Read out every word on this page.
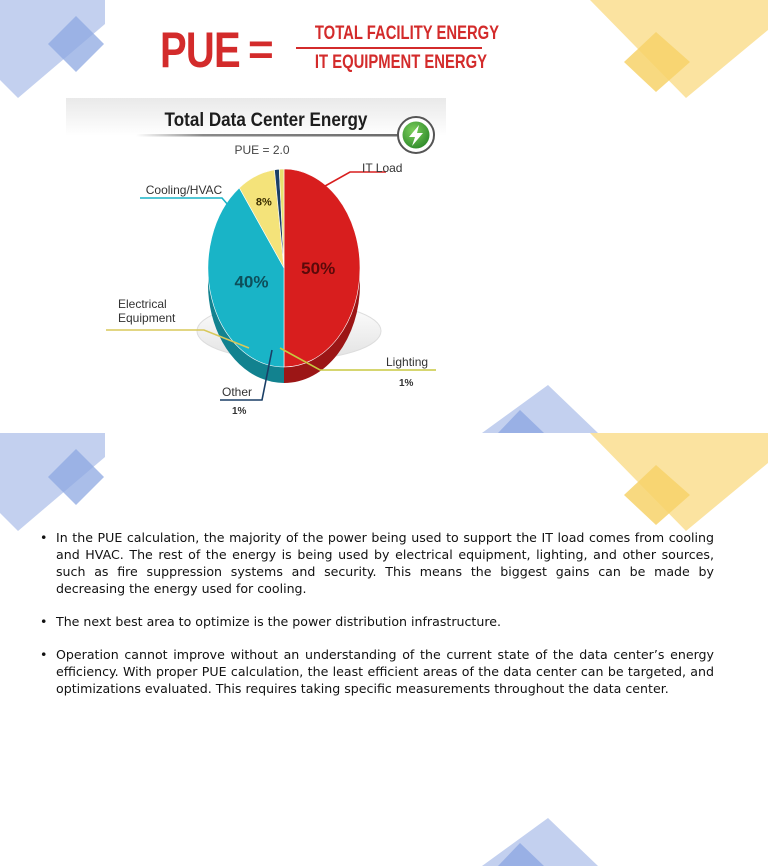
PUE = TOTAL FACILITY ENERGY
IT EQUIPMENT ENERGY
Total Data Center Energy
PUE = 2.0
50%
40%
8%
IT Load
Cooling/HVAC
Electrical Equipment
Other
1%
Lighting
1%
• In the PUE calculation, the majority of the power being used to support the IT load comes from cooling and HVAC. The rest of the energy is being used by electrical equipment, lighting, and other sources, such as fire suppression systems and security. This means the biggest gains can be made by decreasing the energy used for cooling.
• The next best area to optimize is the power distribution infrastructure.
• Operation cannot improve without an understanding of the current state of the data center’s energy efficiency. With proper PUE calculation, the least efficient areas of the data center can be targeted, and optimizations evaluated. This requires taking specific measurements throughout the data center.
